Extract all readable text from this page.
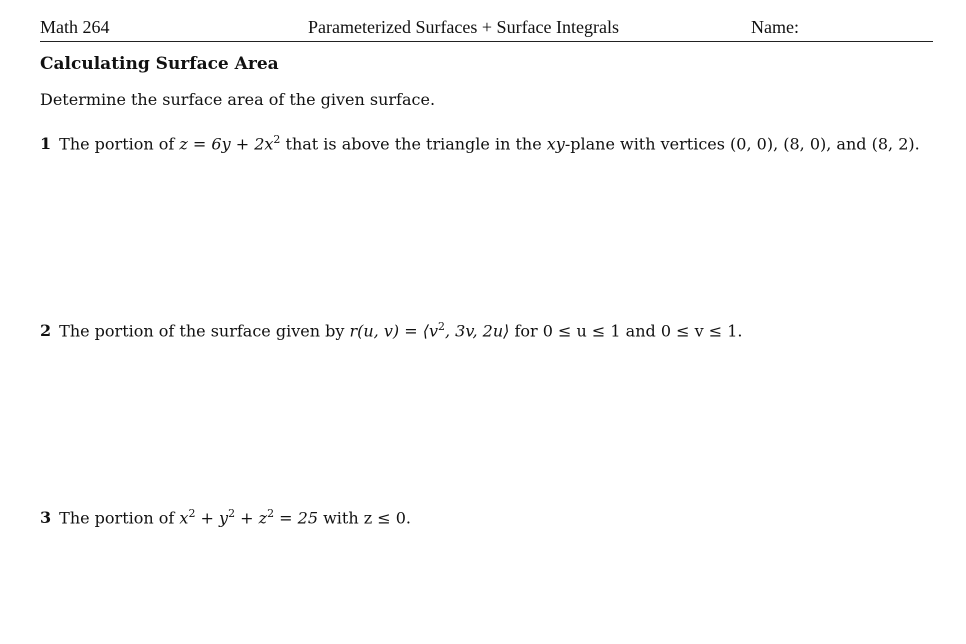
Math 264	Parameterized Surfaces + Surface Integrals	Name:
Calculating Surface Area
Determine the surface area of the given surface.
1 The portion of $z = 6y + 2x^2$ that is above the triangle in the xy-plane with vertices (0, 0), (8, 0), and (8, 2).
2 The portion of the surface given by r(u, $v) = ⟨v^2$, 3v, 2u⟩ for 0 ≤ u ≤ 1 and 0 ≤ v ≤ 1.
3 The portion of $x^2 + y^2 + z^2 = 25$ with z ≤ 0.
